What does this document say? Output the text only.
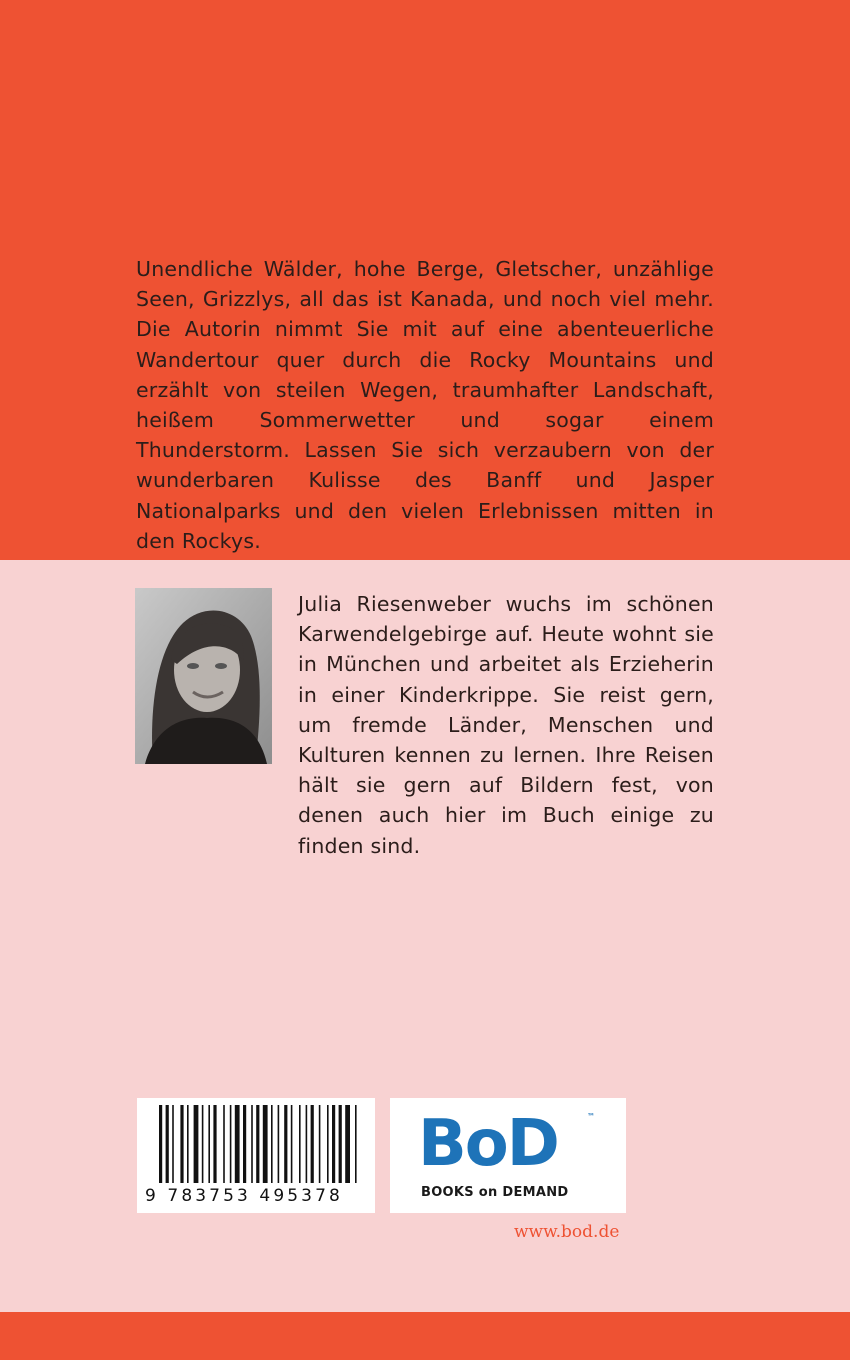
Unendliche Wälder, hohe Berge, Gletscher, unzählige Seen, Grizzlys, all das ist Kanada, und noch viel mehr. Die Autorin nimmt Sie mit auf eine abenteuerliche Wandertour quer durch die Rocky Mountains und erzählt von steilen Wegen, traumhafter Landschaft, heißem Sommerwetter und sogar einem Thunderstorm. Lassen Sie sich verzaubern von der wunderbaren Kulisse des Banff und Jasper Nationalparks und den vielen Erlebnissen mitten in den Rockys.

Julia Riesenweber wuchs im schönen Karwendelgebirge auf. Heute wohnt sie in München und arbeitet als Erzieherin in einer Kinderkrippe. Sie reist gern, um fremde Länder, Menschen und Kulturen kennen zu lernen. Ihre Reisen hält sie gern auf Bildern fest, von denen auch hier im Buch einige zu finden sind.

9 783753 495378
BoD	™
BOOKS on DEMAND
www.bod.de
